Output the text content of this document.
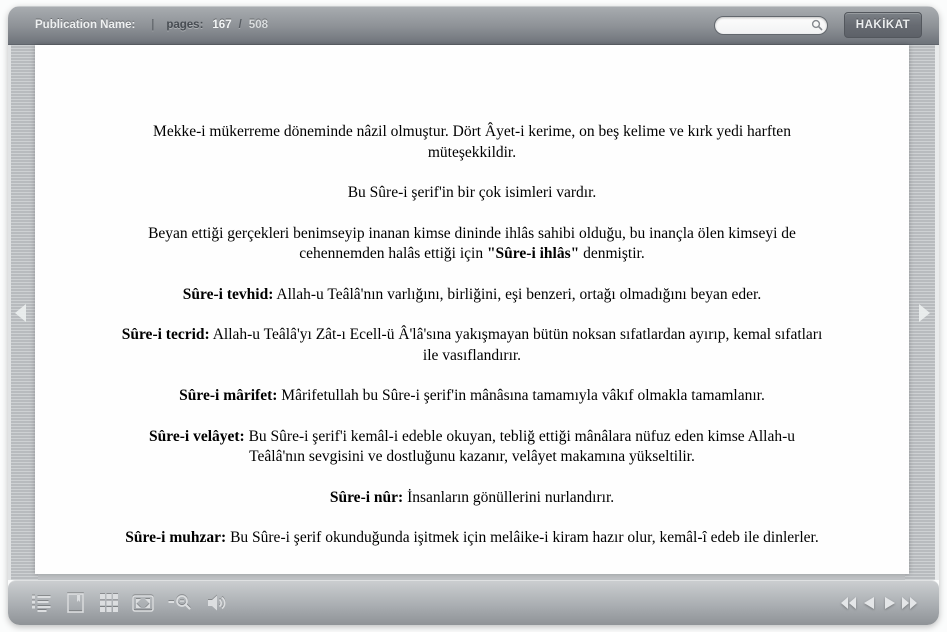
Publication Name: | pages: 167 / 508	HAKİKAT

Mekke-i mükerreme döneminde nâzil olmuştur. Dört Âyet-i kerime, on beş kelime ve kırk yedi harften müteşekkildir.

Bu Sûre-i şerif'in bir çok isimleri vardır.

Beyan ettiği gerçekleri benimseyip inanan kimse dininde ihlâs sahibi olduğu, bu inançla ölen kimseyi de cehennemden halâs ettiği için "Sûre-i ihlâs" denmiştir.

Sûre-i tevhid: Allah-u Teâlâ'nın varlığını, birliğini, eşi benzeri, ortağı olmadığını beyan eder.

Sûre-i tecrid: Allah-u Teâlâ'yı Zât-ı Ecell-ü Â'lâ'sına yakışmayan bütün noksan sıfatlardan ayırıp, kemal sıfatları ile vasıflandırır.

Sûre-i mârifet: Mârifetullah bu Sûre-i şerif'in mânâsına tamamıyla vâkıf olmakla tamamlanır.

Sûre-i velâyet: Bu Sûre-i şerif'i kemâl-i edeble okuyan, tebliğ ettiği mânâlara nüfuz eden kimse Allah-u Teâlâ'nın sevgisini ve dostluğunu kazanır, velâyet makamına yükseltilir.

Sûre-i nûr: İnsanların gönüllerini nurlandırır.

Sûre-i muhzar: Bu Sûre-i şerif okunduğunda işitmek için melâike-i kiram hazır olur, kemâl-î edeb ile dinlerler.
